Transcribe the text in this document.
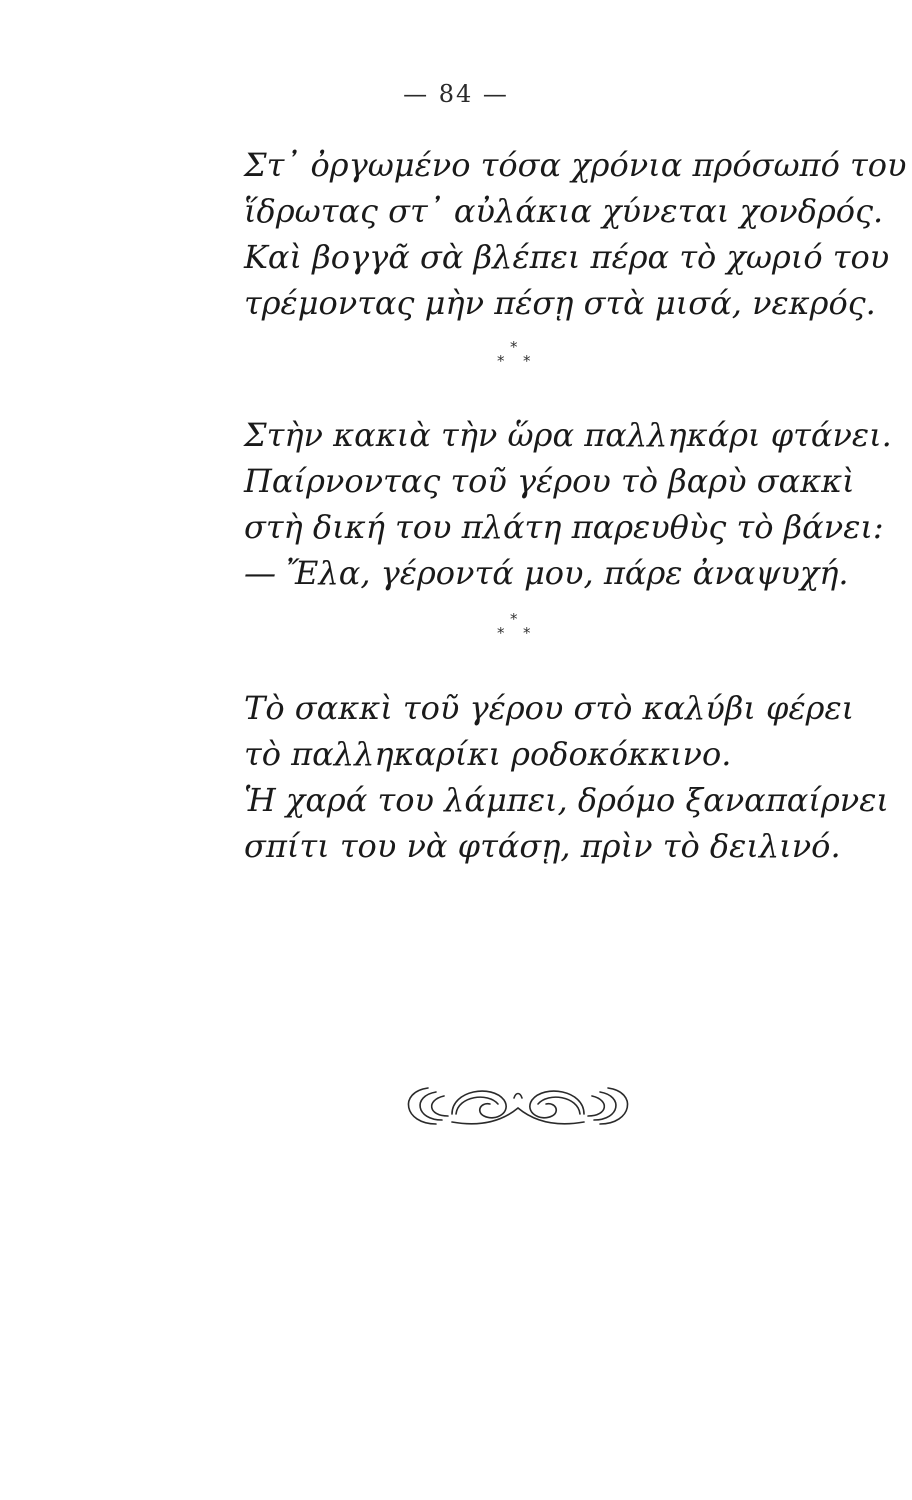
— 84 —
Στ᾽ ὀργωμένο τόσα χρόνια πρόσωπό του
ἵδρωτας στ᾽ αὐλάκια χύνεται χονδρός.
Καὶ βογγᾶ σὰ βλέπει πέρα τὸ χωριό του
τρέμοντας μὴν πέσῃ στὰ μισά, νεκρός.
*
* *
Στὴν κακιὰ τὴν ὥρα παλληκάρι φτάνει.
Παίρνοντας τοῦ γέρου τὸ βαρὺ σακκὶ
στὴ δική του πλάτη παρευθὺς τὸ βάνει:
— Ἔλα, γέροντά μου, πάρε ἀναψυχή.
*
* *
Τὸ σακκὶ τοῦ γέρου στὸ καλύβι φέρει
τὸ παλληκαρίκι ροδοκόκκινο.
Ἡ χαρά του λάμπει, δρόμο ξαναπαίρνει
σπίτι του νὰ φτάσῃ, πρὶν τὸ δειλινό.
